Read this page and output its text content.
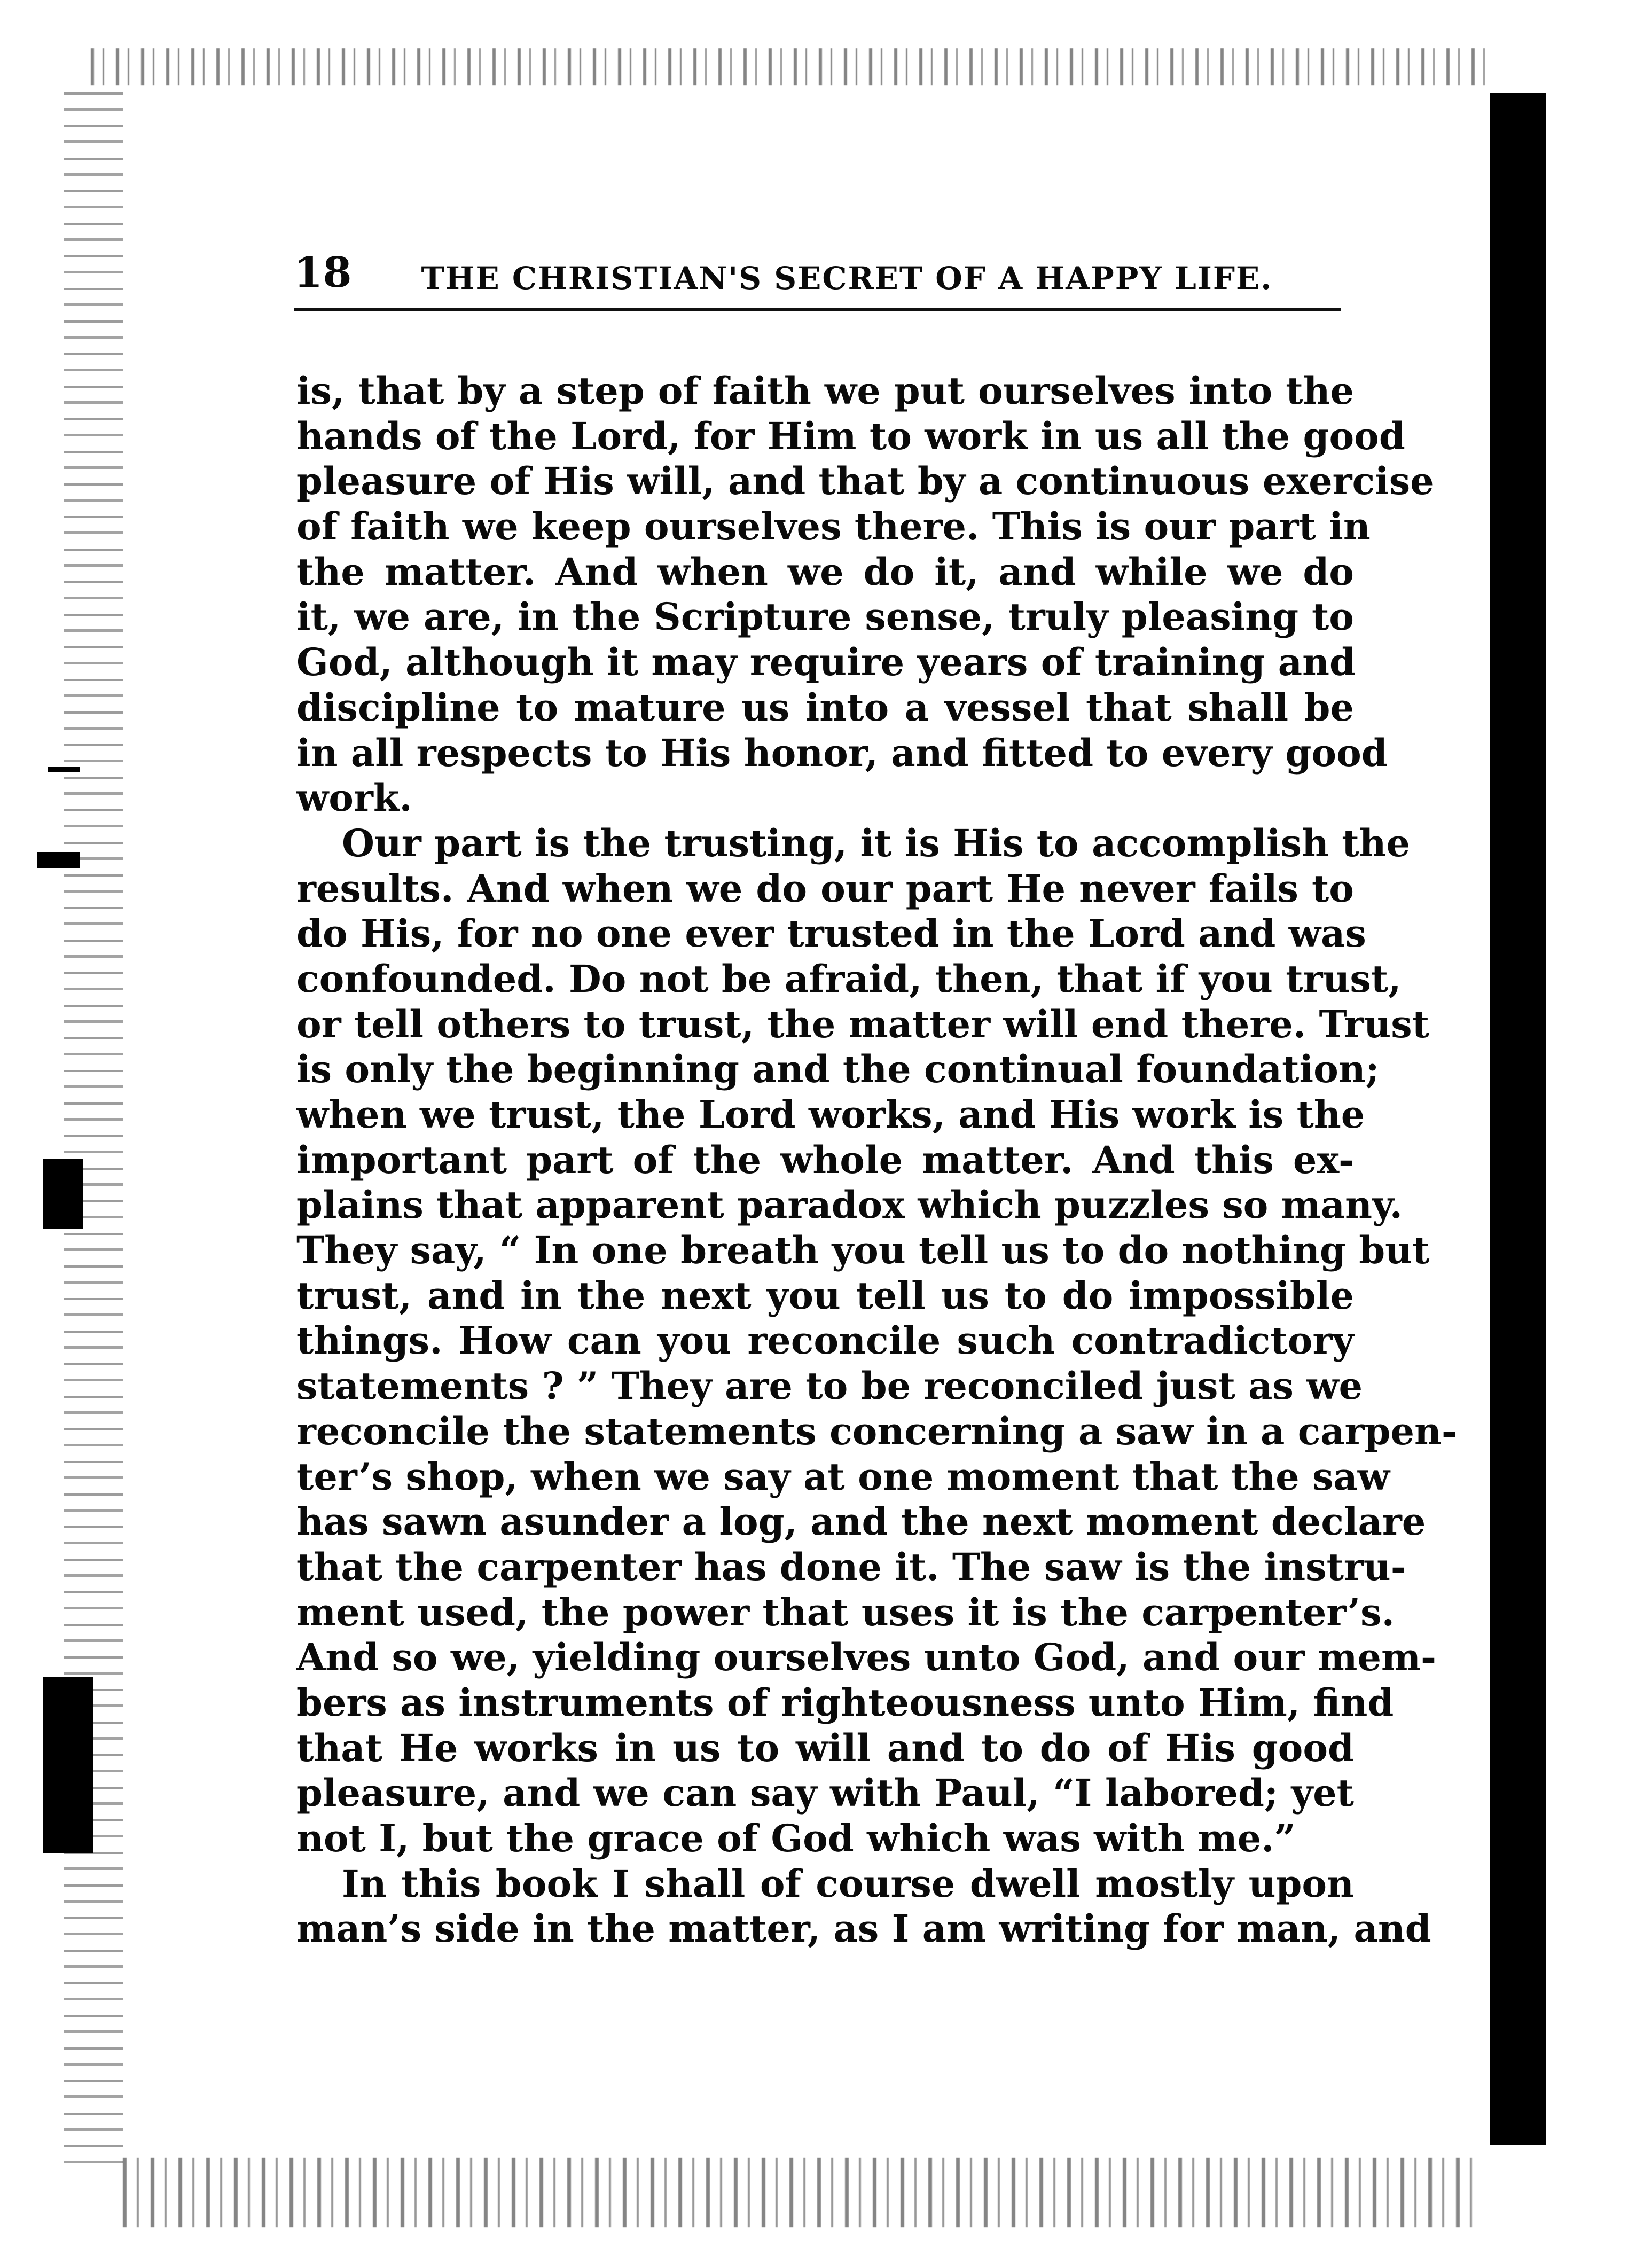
18 THE CHRISTIAN'S SECRET OF A HAPPY LIFE.
is, that by a step of faith we put ourselves into the
hands of the Lord, for Him to work in us all the good
pleasure of His will, and that by a continuous exercise
of faith we keep ourselves there. This is our part in
the matter. And when we do it, and while we do
it, we are, in the Scripture sense, truly pleasing to
God, although it may require years of training and
discipline to mature us into a vessel that shall be
in all respects to His honor, and fitted to every good
work.
Our part is the trusting, it is His to accomplish the
results. And when we do our part He never fails to
do His, for no one ever trusted in the Lord and was
confounded. Do not be afraid, then, that if you trust,
or tell others to trust, the matter will end there. Trust
is only the beginning and the continual foundation;
when we trust, the Lord works, and His work is the
important part of the whole matter. And this ex-
plains that apparent paradox which puzzles so many.
They say, “ In one breath you tell us to do nothing but
trust, and in the next you tell us to do impossible
things. How can you reconcile such contradictory
statements ? ” They are to be reconciled just as we
reconcile the statements concerning a saw in a carpen-
ter’s shop, when we say at one moment that the saw
has sawn asunder a log, and the next moment declare
that the carpenter has done it. The saw is the instru-
ment used, the power that uses it is the carpenter’s.
And so we, yielding ourselves unto God, and our mem-
bers as instruments of righteousness unto Him, find
that He works in us to will and to do of His good
pleasure, and we can say with Paul, “I labored; yet
not I, but the grace of God which was with me.”
In this book I shall of course dwell mostly upon
man’s side in the matter, as I am writing for man, and
